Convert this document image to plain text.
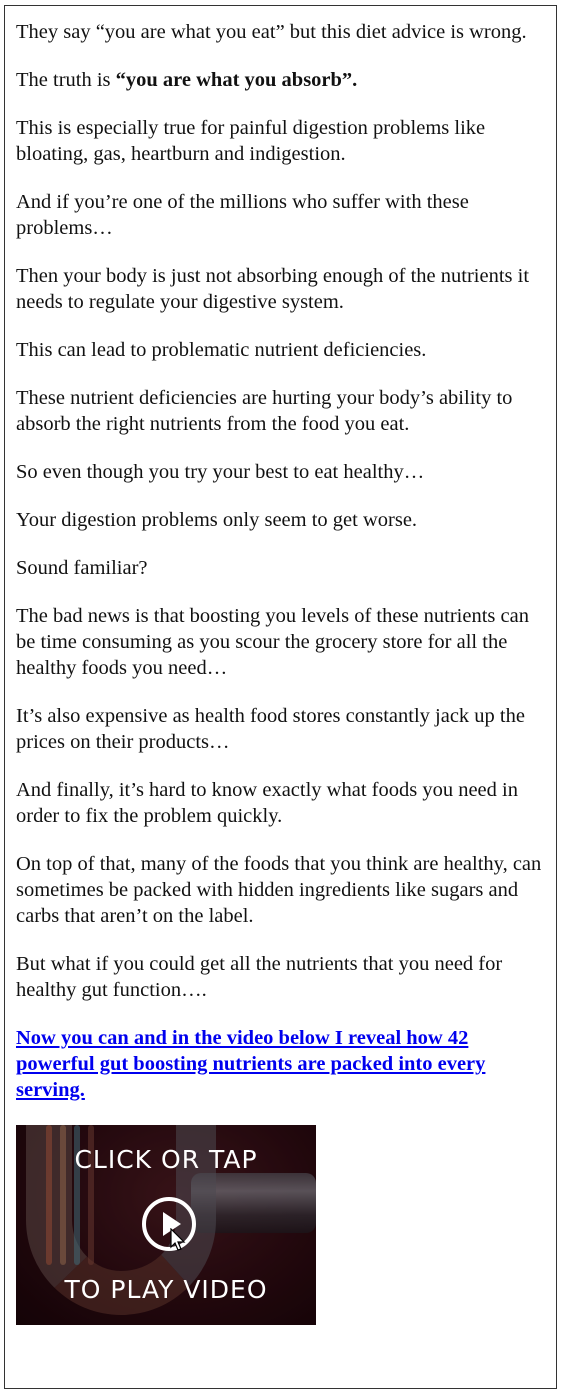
They say “you are what you eat” but this diet advice is wrong.

The truth is “you are what you absorb”.

This is especially true for painful digestion problems like bloating, gas, heartburn and indigestion.

And if you’re one of the millions who suffer with these problems…

Then your body is just not absorbing enough of the nutrients it needs to regulate your digestive system.

This can lead to problematic nutrient deficiencies.

These nutrient deficiencies are hurting your body’s ability to absorb the right nutrients from the food you eat.

So even though you try your best to eat healthy…

Your digestion problems only seem to get worse.

Sound familiar?

The bad news is that boosting you levels of these nutrients can be time consuming as you scour the grocery store for all the healthy foods you need…

It’s also expensive as health food stores constantly jack up the prices on their products…

And finally, it’s hard to know exactly what foods you need in order to fix the problem quickly.

On top of that, many of the foods that you think are healthy, can sometimes be packed with hidden ingredients like sugars and carbs that aren’t on the label.

But what if you could get all the nutrients that you need for healthy gut function….

Now you can and in the video below I reveal how 42 powerful gut boosting nutrients are packed into every serving.
CLICK OR TAP
TO PLAY VIDEO
